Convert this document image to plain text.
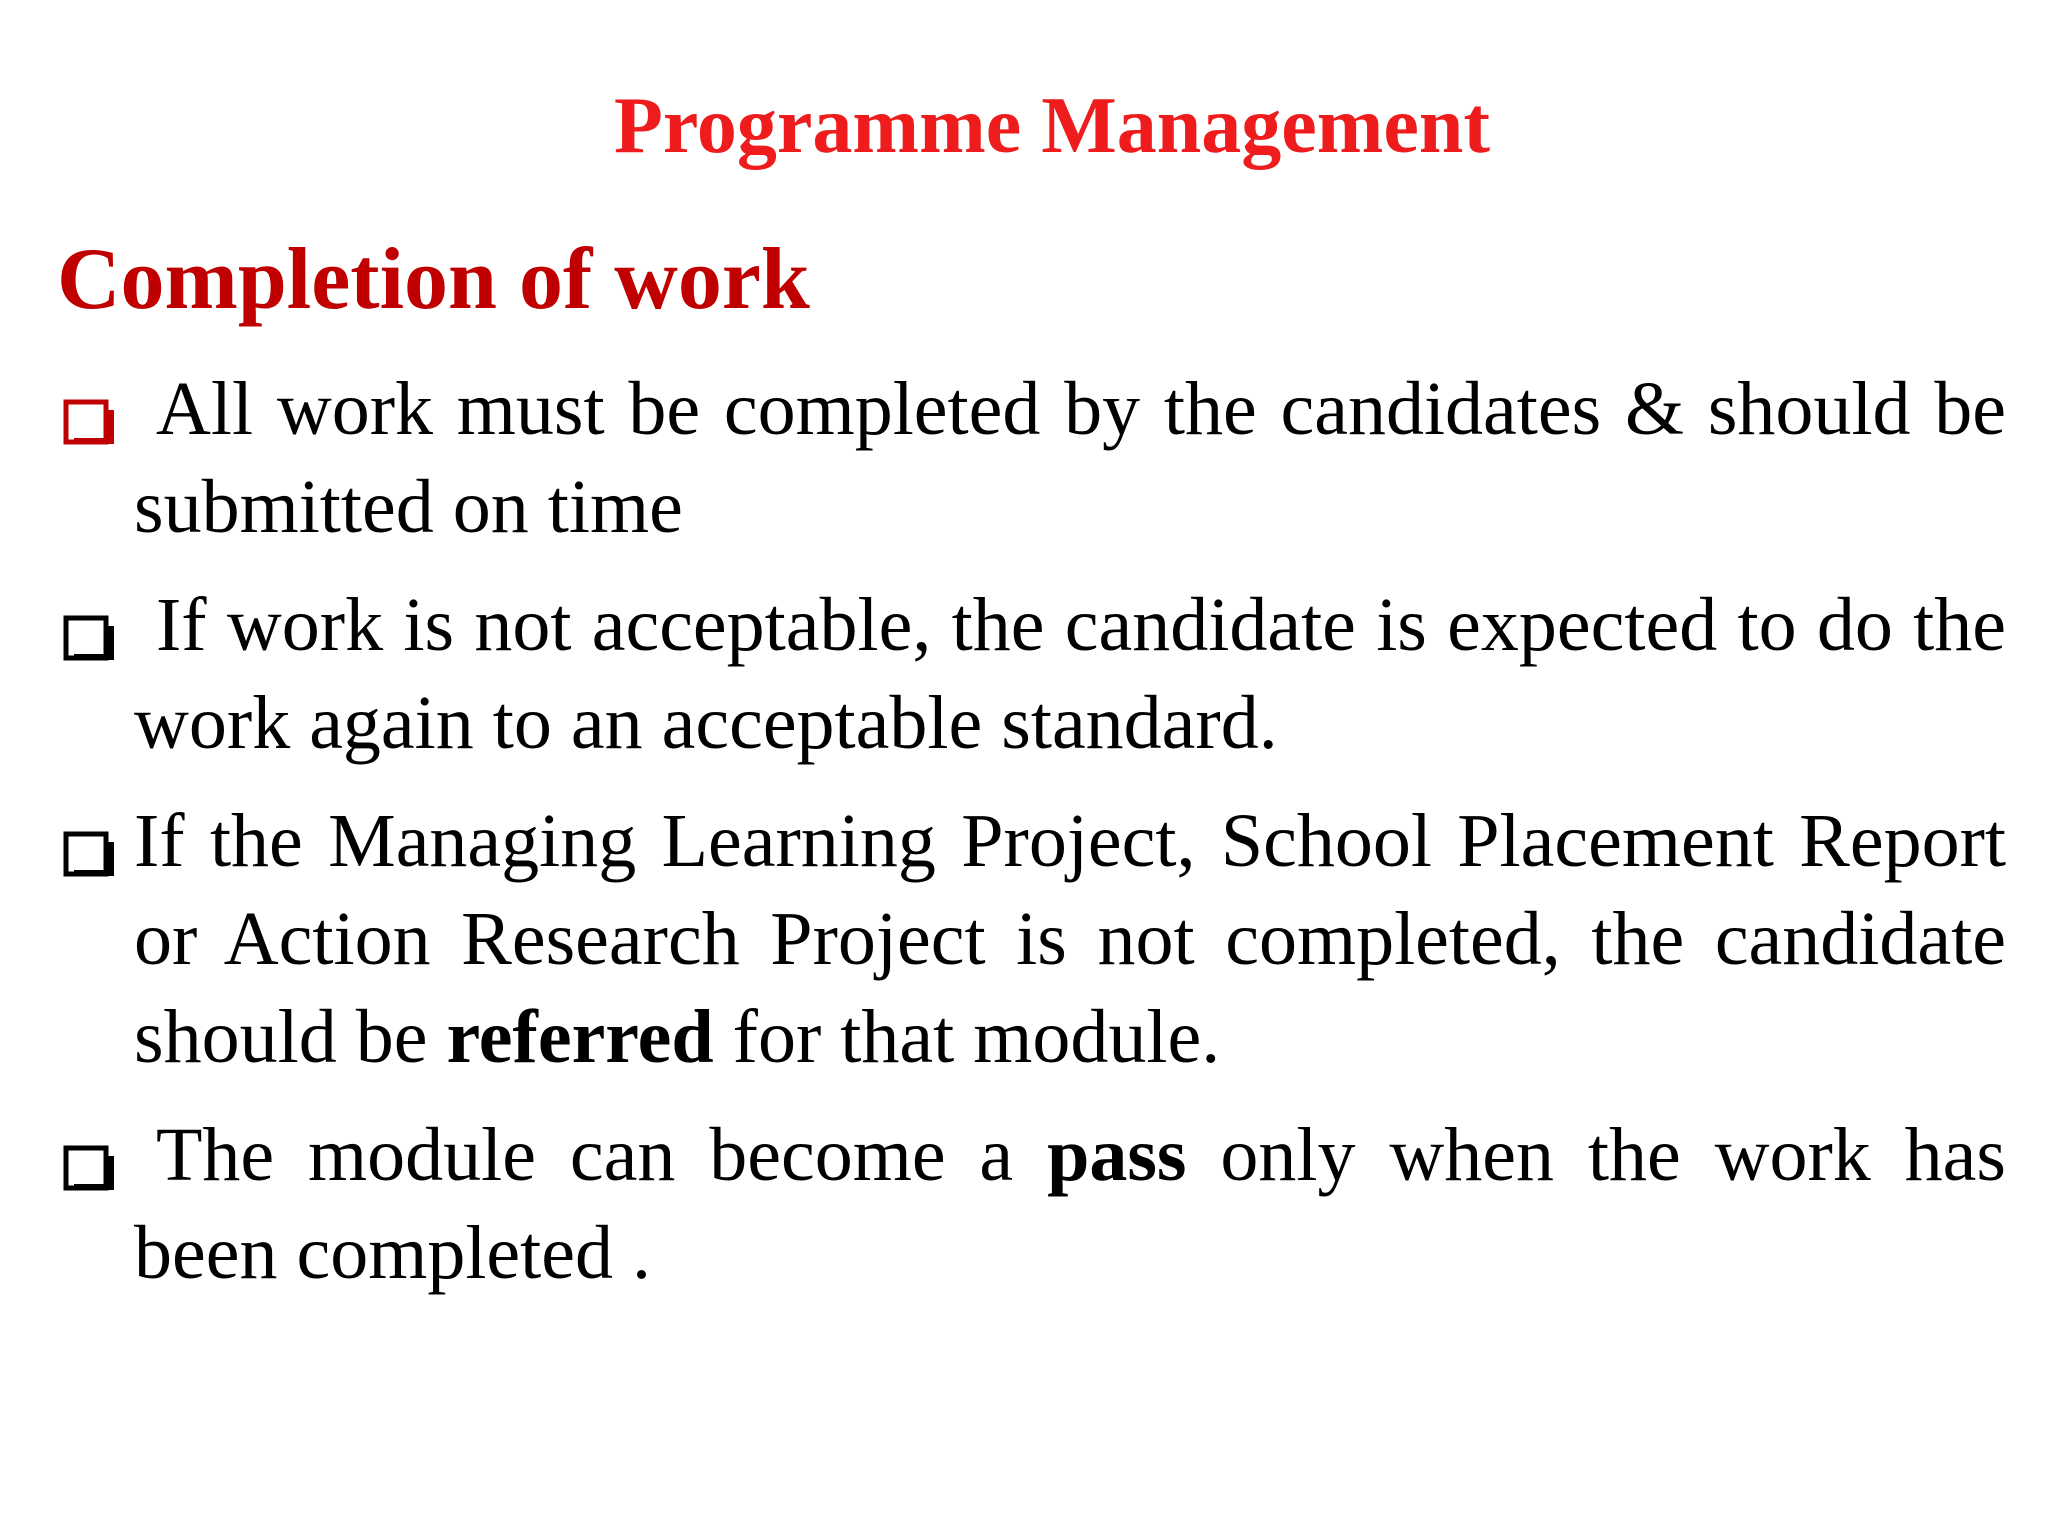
Programme Management
Completion of work
All work must be completed by the candidates & should be submitted on time
If work is not acceptable, the candidate is expected to do the work again to an acceptable standard.
If the Managing Learning Project, School Placement Report or Action Research Project is not completed, the candidate should be referred for that module.
The module can become a pass only when the work has been completed .
